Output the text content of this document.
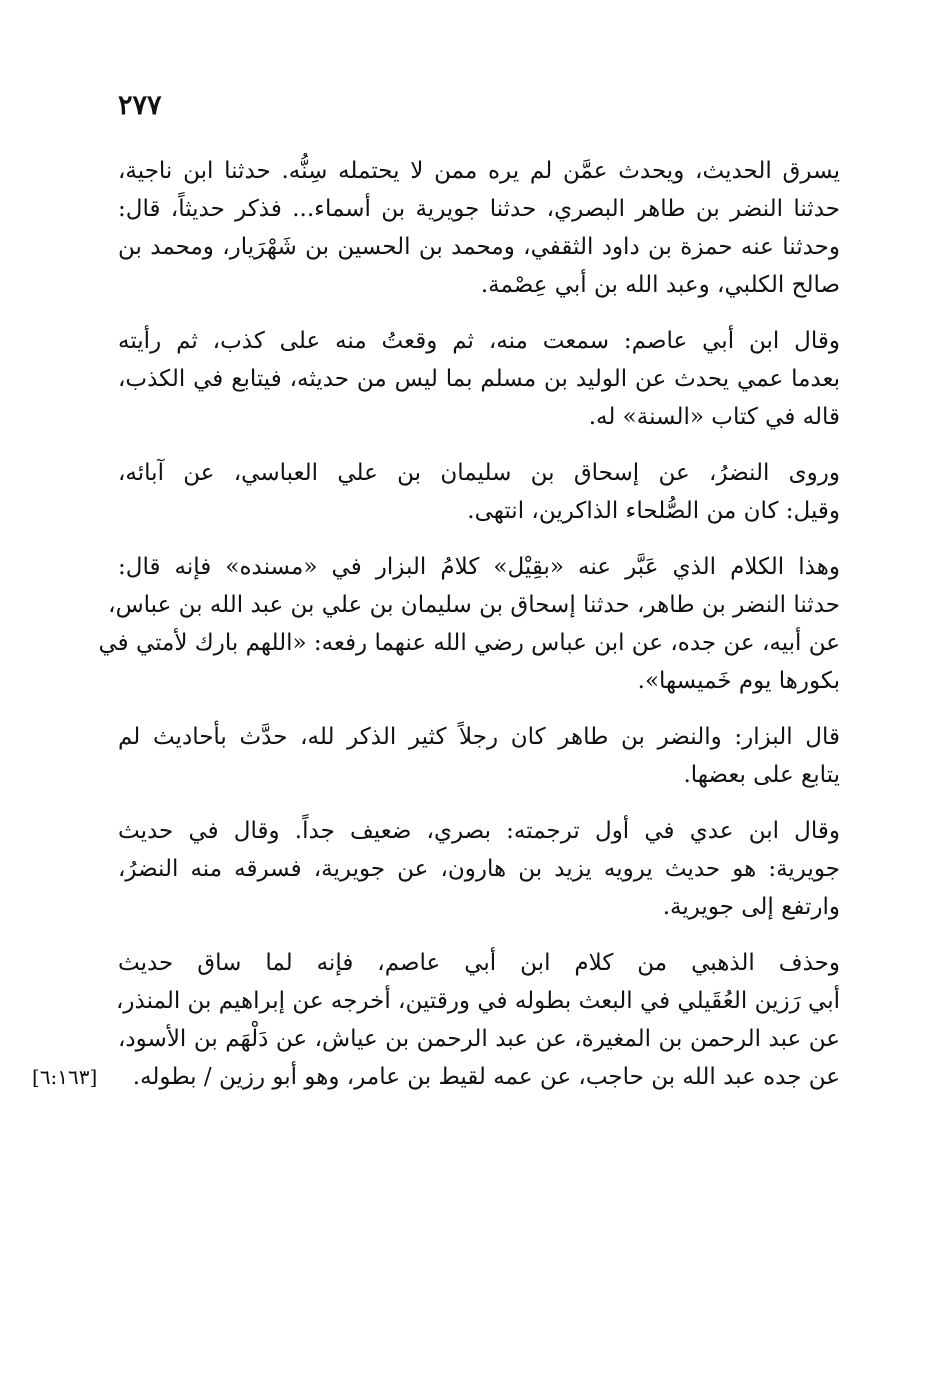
٢٧٧
يسرق الحديث، ويحدث عمَّن لم يره ممن لا يحتمله سِنُّه. حدثنا ابن ناجية،
حدثنا النضر بن طاهر البصري، حدثنا جويرية بن أسماء... فذكر حديثاً، قال:
وحدثنا عنه حمزة بن داود الثقفي، ومحمد بن الحسين بن شَهْرَيار، ومحمد بن
صالح الكلبي، وعبد الله بن أبي عِصْمة.
وقال ابن أبي عاصم: سمعت منه، ثم وقعتُ منه على كذب، ثم رأيته
بعدما عمي يحدث عن الوليد بن مسلم بما ليس من حديثه، فيتابع في الكذب،
قاله في كتاب «السنة» له.
وروى النضرُ، عن إسحاق بن سليمان بن علي العباسي، عن آبائه،
وقيل: كان من الصُّلحاء الذاكرين، انتهى.
وهذا الكلام الذي عَبَّر عنه «بقِيْل» كلامُ البزار في «مسنده» فإنه قال:
حدثنا النضر بن طاهر، حدثنا إسحاق بن سليمان بن علي بن عبد الله بن عباس،
عن أبيه، عن جده، عن ابن عباس رضي الله عنهما رفعه: «اللهم بارك لأمتي في
بكورها يوم خَميسها».
قال البزار: والنضر بن طاهر كان رجلاً كثير الذكر لله، حدَّث بأحاديث لم
يتابع على بعضها.
وقال ابن عدي في أول ترجمته: بصري، ضعيف جداً. وقال في حديث
جويرية: هو حديث يرويه يزيد بن هارون، عن جويرية، فسرقه منه النضرُ،
وارتفع إلى جويرية.
وحذف الذهبي من كلام ابن أبي عاصم، فإنه لما ساق حديث
أبي رَزين العُقَيلي في البعث بطوله في ورقتين، أخرجه عن إبراهيم بن المنذر،
عن عبد الرحمن بن المغيرة، عن عبد الرحمن بن عياش، عن دَلْهَم بن الأسود،
عن جده عبد الله بن حاجب، عن عمه لقيط بن عامر، وهو أبو رزين / بطوله.
[٦:١٦٣]
